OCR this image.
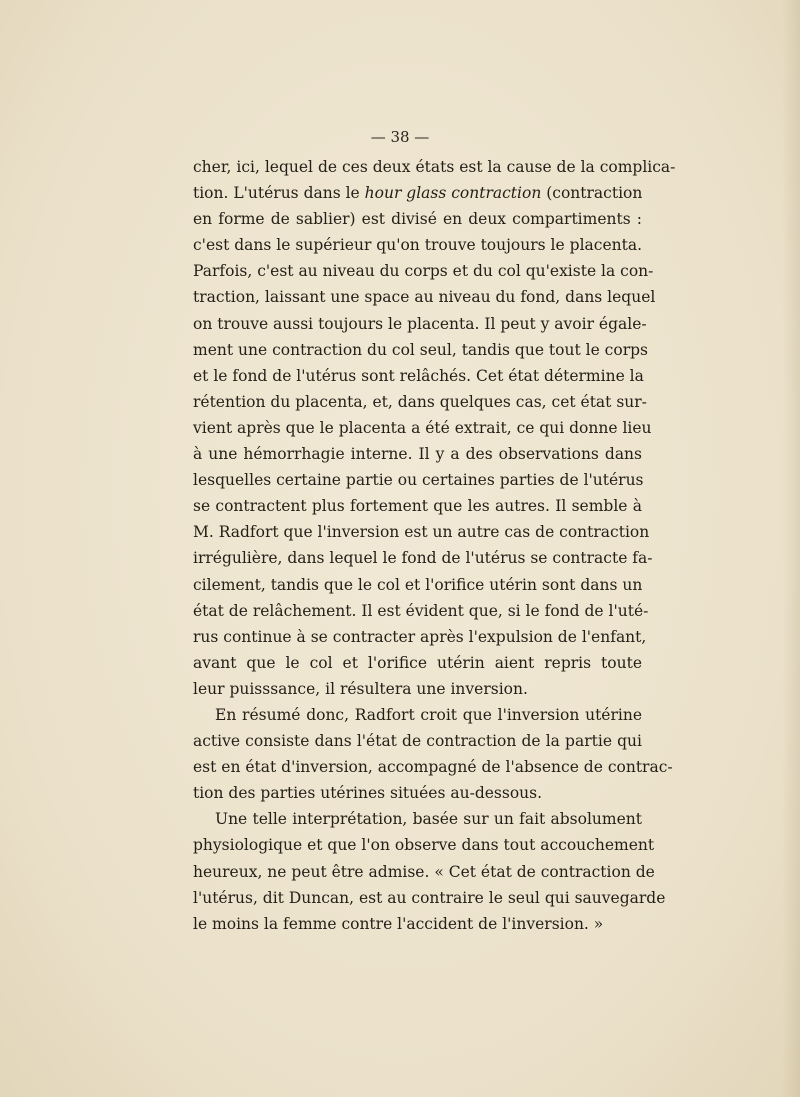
— 38 —
cher, ici, lequel de ces deux états est la cause de la complica-
tion. L'utérus dans le hour glass contraction (contraction
en forme de sablier) est divisé en deux compartiments :
c'est dans le supérieur qu'on trouve toujours le placenta.
Parfois, c'est au niveau du corps et du col qu'existe la con-
traction, laissant une space au niveau du fond, dans lequel
on trouve aussi toujours le placenta. Il peut y avoir égale-
ment une contraction du col seul, tandis que tout le corps
et le fond de l'utérus sont relâchés. Cet état détermine la
rétention du placenta, et, dans quelques cas, cet état sur-
vient après que le placenta a été extrait, ce qui donne lieu
à une hémorrhagie interne. Il y a des observations dans
lesquelles certaine partie ou certaines parties de l'utérus
se contractent plus fortement que les autres. Il semble à
M. Radfort que l'inversion est un autre cas de contraction
irrégulière, dans lequel le fond de l'utérus se contracte fa-
cilement, tandis que le col et l'orifice utérin sont dans un
état de relâchement. Il est évident que, si le fond de l'uté-
rus continue à se contracter après l'expulsion de l'enfant,
avant que le col et l'orifice utérin aient repris toute
leur puisssance, il résultera une inversion.
En résumé donc, Radfort croit que l'inversion utérine
active consiste dans l'état de contraction de la partie qui
est en état d'inversion, accompagné de l'absence de contrac-
tion des parties utérines situées au-dessous.
Une telle interprétation, basée sur un fait absolument
physiologique et que l'on observe dans tout accouchement
heureux, ne peut être admise. « Cet état de contraction de
l'utérus, dit Duncan, est au contraire le seul qui sauvegarde
le moins la femme contre l'accident de l'inversion. »
